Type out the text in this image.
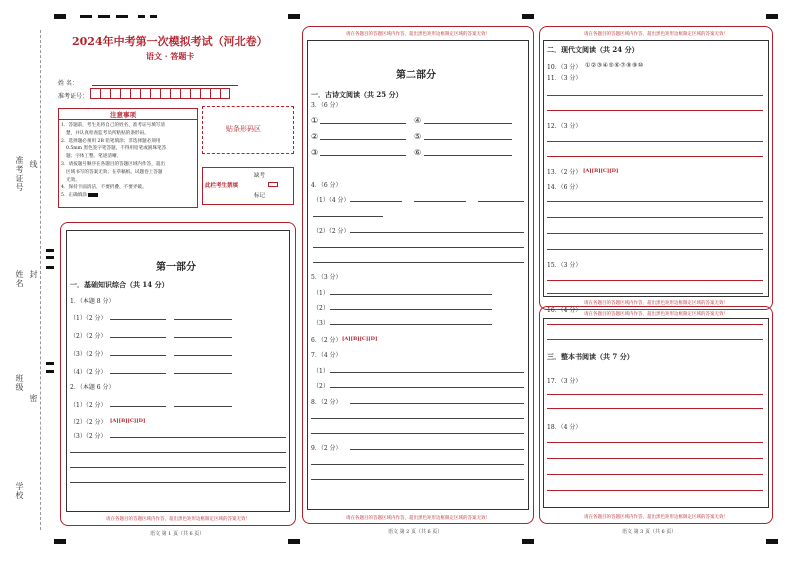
准考证号 线
姓名 封
班级
密
学校
2024年中考第一次模拟考试（河北卷）
语文 · 答题卡
姓 名：
准考证号：
注意事项
1．答题前，考生先将自己的姓名、准考证号填写清
楚，并认真检查监考员所粘贴的条形码。
2．选择题必须用 2B 铅笔填涂；非选择题必须用
0.5mm 黑色签字笔答题，不得用铅笔或圆珠笔答
题；字体工整、笔迹清晰。
3．请按题号顺序在各题目的答题区域内作答，超出
区域书写的答案无效；在草稿纸、试题卷上答题
无效。
4．保持卡面清洁，不要折叠、不要弄破。
5．正确填涂
贴条形码区
此栏考生禁填
缺考
标记
请在各题目的答题区域内作答，超出黑色矩形边框限定区域的答案无效！
第一部分
一．基础知识综合（共 14 分）
1．（本题 8 分）
（1）（2 分）
（2）（2 分）
（3）（2 分）
（4）（2 分）
2．（本题 6 分）
（1）（2 分）
（2）（2 分） [A][B][C][D]
（3）（2 分）
语文 第 1 页（共 6 页）
请在各题目的答题区域内作答，超出黑色矩形边框限定区域的答案无效！
请在各题目的答题区域内作答，超出黑色矩形边框限定区域的答案无效！
第二部分
一．古诗文阅读（共 25 分）
3．（6 分）
①	④
②	⑤
③	⑥
4．（6 分）
（1）（4 分）
（2）（2 分）
5．（3 分）
（1）
（2）
（3）
6．（2 分） [A][B][C][D]
7．（4 分）
（1）
（2）
8．（2 分）
9．（2 分）
语文 第 2 页（共 6 页）
请在各题目的答题区域内作答，超出黑色矩形边框限定区域的答案无效！
请在各题目的答题区域内作答，超出黑色矩形边框限定区域的答案无效！
二．现代文阅读（共 24 分）
10．（3 分） ①②③④⑤⑥⑦⑧⑨⑩
11．（3 分）
12．（3 分）
13．（2 分） [A][B][C][D]
14．（6 分）
15．（3 分）
请在各题目的答题区域内作答，超出黑色矩形边框限定区域的答案无效！
请在各题目的答题区域内作答，超出黑色矩形边框限定区域的答案无效！
16．（4 分）
三．整本书阅读（共 7 分）
17．（3 分）
18．（4 分）
语文 第 3 页（共 6 页）
